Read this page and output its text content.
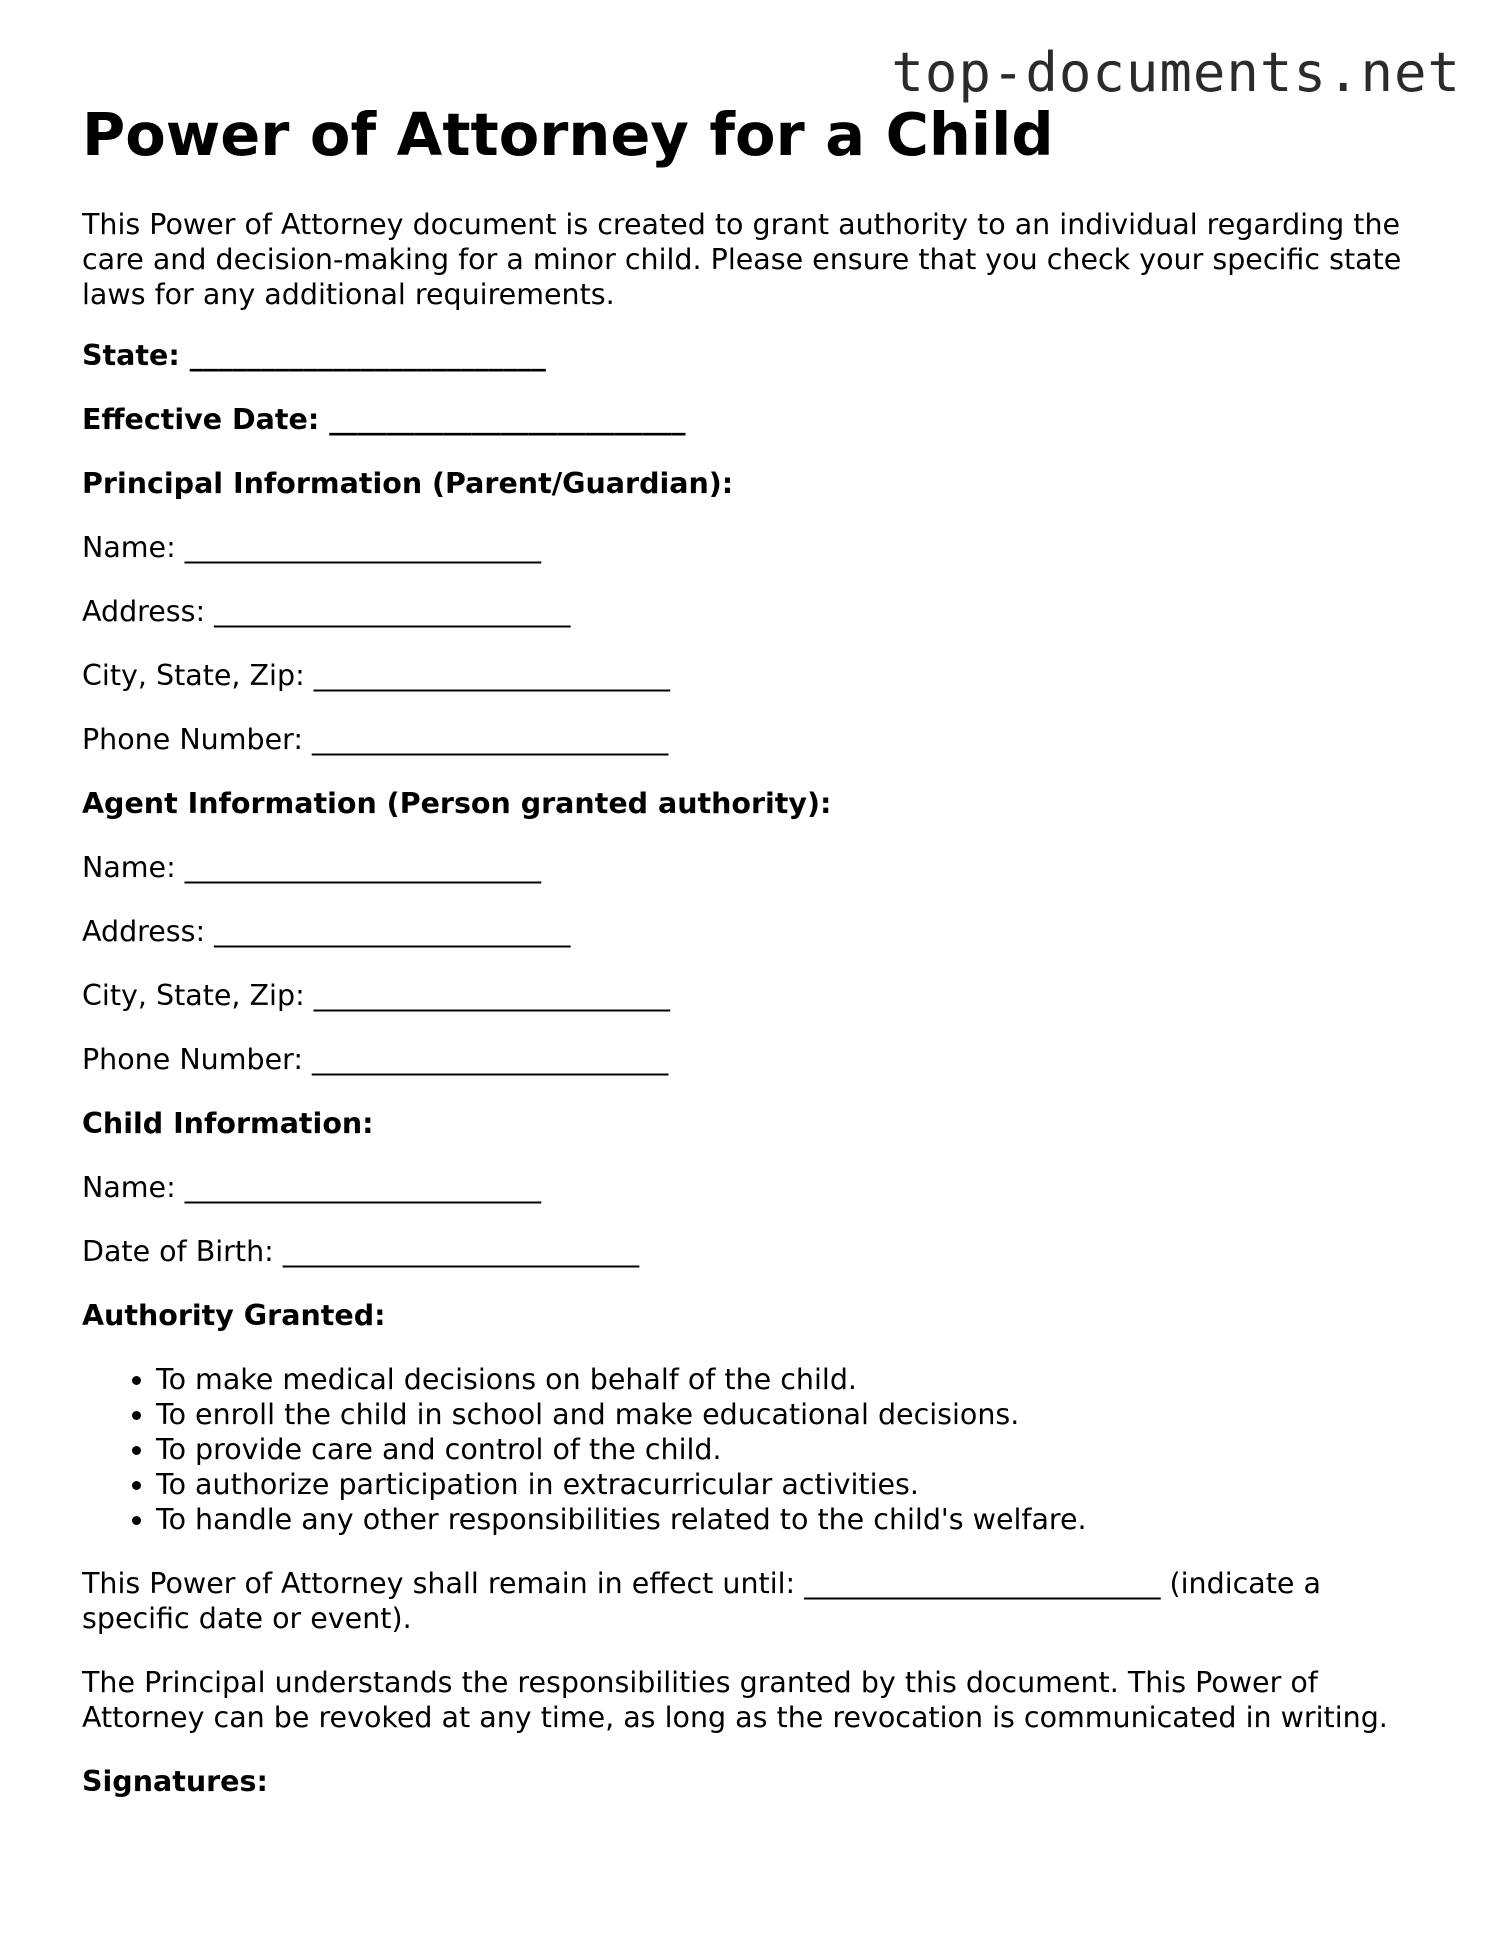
top-documents.net
Power of Attorney for a Child

This Power of Attorney document is created to grant authority to an individual regarding the care and decision-making for a minor child. Please ensure that you check your specific state laws for any additional requirements.

State: _________________________
Effective Date: _________________________
Principal Information (Parent/Guardian):
Name: _________________________
Address: _________________________
City, State, Zip: _________________________
Phone Number: _________________________
Agent Information (Person granted authority):
Name: _________________________
Address: _________________________
City, State, Zip: _________________________
Phone Number: _________________________
Child Information:
Name: _________________________
Date of Birth: _________________________
Authority Granted:
• To make medical decisions on behalf of the child.
• To enroll the child in school and make educational decisions.
• To provide care and control of the child.
• To authorize participation in extracurricular activities.
• To handle any other responsibilities related to the child's welfare.

This Power of Attorney shall remain in effect until: _________________________ (indicate a specific date or event).

The Principal understands the responsibilities granted by this document. This Power of Attorney can be revoked at any time, as long as the revocation is communicated in writing.

Signatures:
